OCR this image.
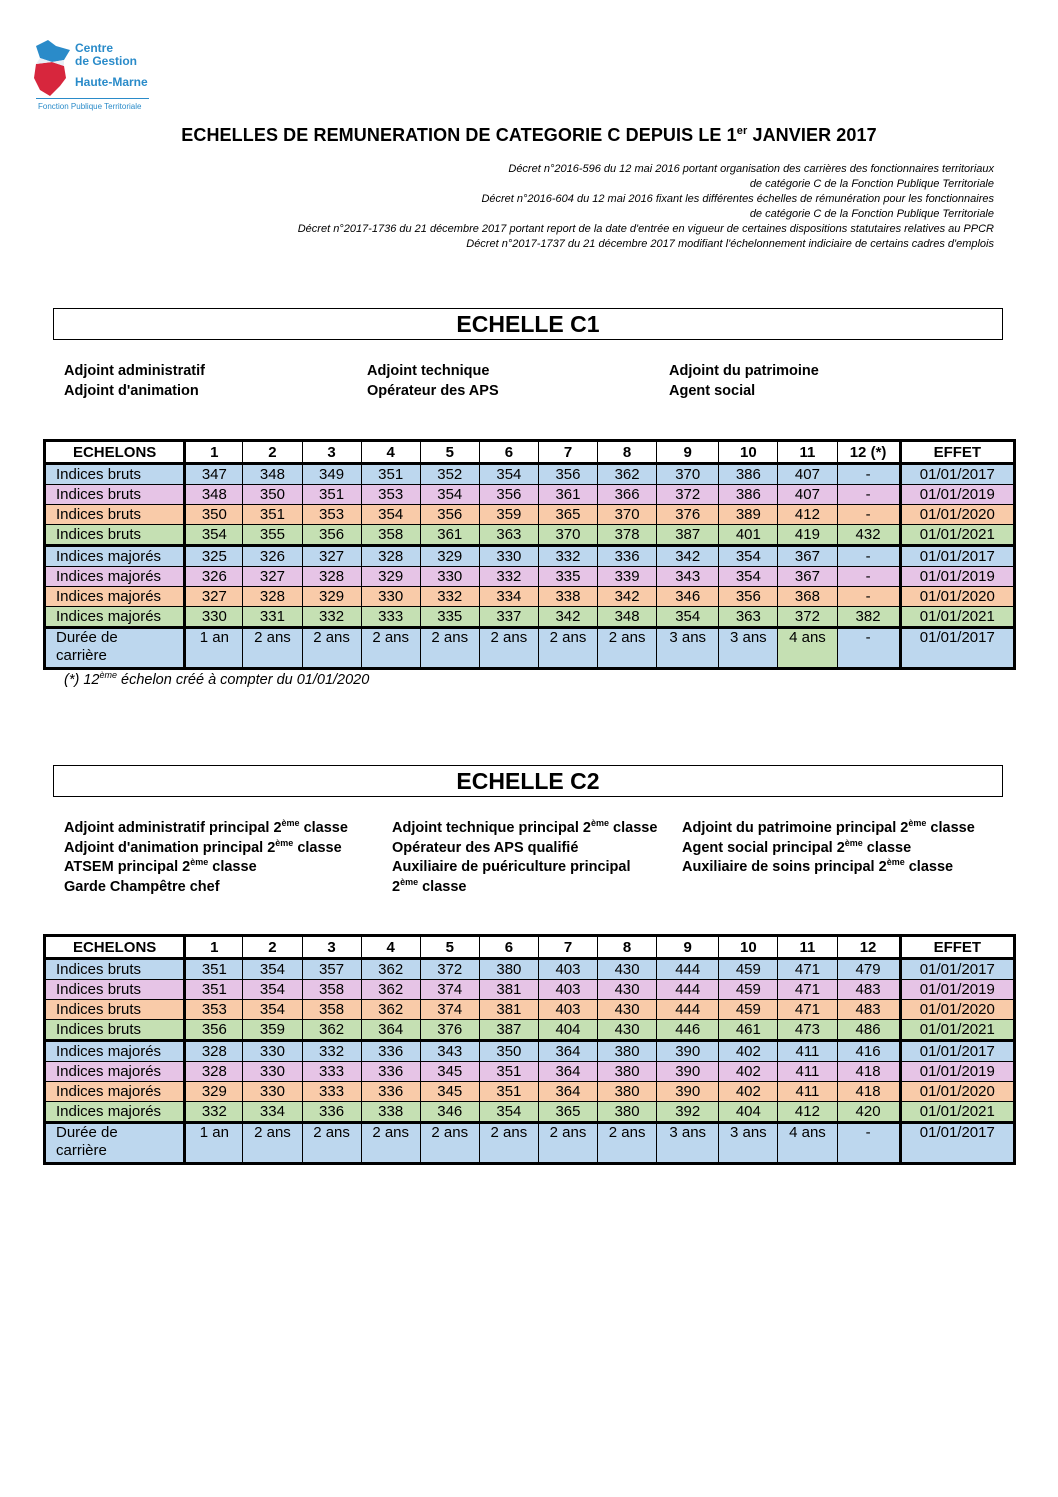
Centre
de Gestion
Haute-Marne
Fonction Publique Territoriale
ECHELLES DE REMUNERATION DE CATEGORIE C DEPUIS LE 1er JANVIER 2017
Décret n°2016-596 du 12 mai 2016 portant organisation des carrières des fonctionnaires territoriaux
de catégorie C de la Fonction Publique Territoriale
Décret n°2016-604 du 12 mai 2016 fixant les différentes échelles de rémunération pour les fonctionnaires
de catégorie C de la Fonction Publique Territoriale
Décret n°2017-1736 du 21 décembre 2017 portant report de la date d'entrée en vigueur de certaines dispositions statutaires relatives au PPCR
Décret n°2017-1737 du 21 décembre 2017 modifiant l'échelonnement indiciaire de certains cadres d'emplois
ECHELLE C1
Adjoint administratif
Adjoint d'animation
Adjoint technique
Opérateur des APS
Adjoint du patrimoine
Agent social
ECHELONS	1	2	3	4	5	6	7	8	9	10	11	12 (*)	EFFET
Indices bruts	347	348	349	351	352	354	356	362	370	386	407	-	01/01/2017
Indices bruts	348	350	351	353	354	356	361	366	372	386	407	-	01/01/2019
Indices bruts	350	351	353	354	356	359	365	370	376	389	412	-	01/01/2020
Indices bruts	354	355	356	358	361	363	370	378	387	401	419	432	01/01/2021
Indices majorés	325	326	327	328	329	330	332	336	342	354	367	-	01/01/2017
Indices majorés	326	327	328	329	330	332	335	339	343	354	367	-	01/01/2019
Indices majorés	327	328	329	330	332	334	338	342	346	356	368	-	01/01/2020
Indices majorés	330	331	332	333	335	337	342	348	354	363	372	382	01/01/2021

Durée de
carrière	1 an	2 ans	2 ans	2 ans	2 ans	2 ans	2 ans	2 ans	3 ans	3 ans	4 ans	-	01/01/2017
(*) 12ème échelon créé à compter du 01/01/2020
ECHELLE C2
Adjoint administratif principal 2ème classe
Adjoint d'animation principal 2ème classe
ATSEM principal 2ème classe
Garde Champêtre chef
Adjoint technique principal 2ème classe
Opérateur des APS qualifié
Auxiliaire de puériculture principal
2ème classe
Adjoint du patrimoine principal 2ème classe
Agent social principal 2ème classe
Auxiliaire de soins principal 2ème classe
ECHELONS	1	2	3	4	5	6	7	8	9	10	11	12	EFFET
Indices bruts	351	354	357	362	372	380	403	430	444	459	471	479	01/01/2017
Indices bruts	351	354	358	362	374	381	403	430	444	459	471	483	01/01/2019
Indices bruts	353	354	358	362	374	381	403	430	444	459	471	483	01/01/2020
Indices bruts	356	359	362	364	376	387	404	430	446	461	473	486	01/01/2021
Indices majorés	328	330	332	336	343	350	364	380	390	402	411	416	01/01/2017
Indices majorés	328	330	333	336	345	351	364	380	390	402	411	418	01/01/2019
Indices majorés	329	330	333	336	345	351	364	380	390	402	411	418	01/01/2020
Indices majorés	332	334	336	338	346	354	365	380	392	404	412	420	01/01/2021

Durée de
carrière	1 an	2 ans	2 ans	2 ans	2 ans	2 ans	2 ans	2 ans	3 ans	3 ans	4 ans	-	01/01/2017
